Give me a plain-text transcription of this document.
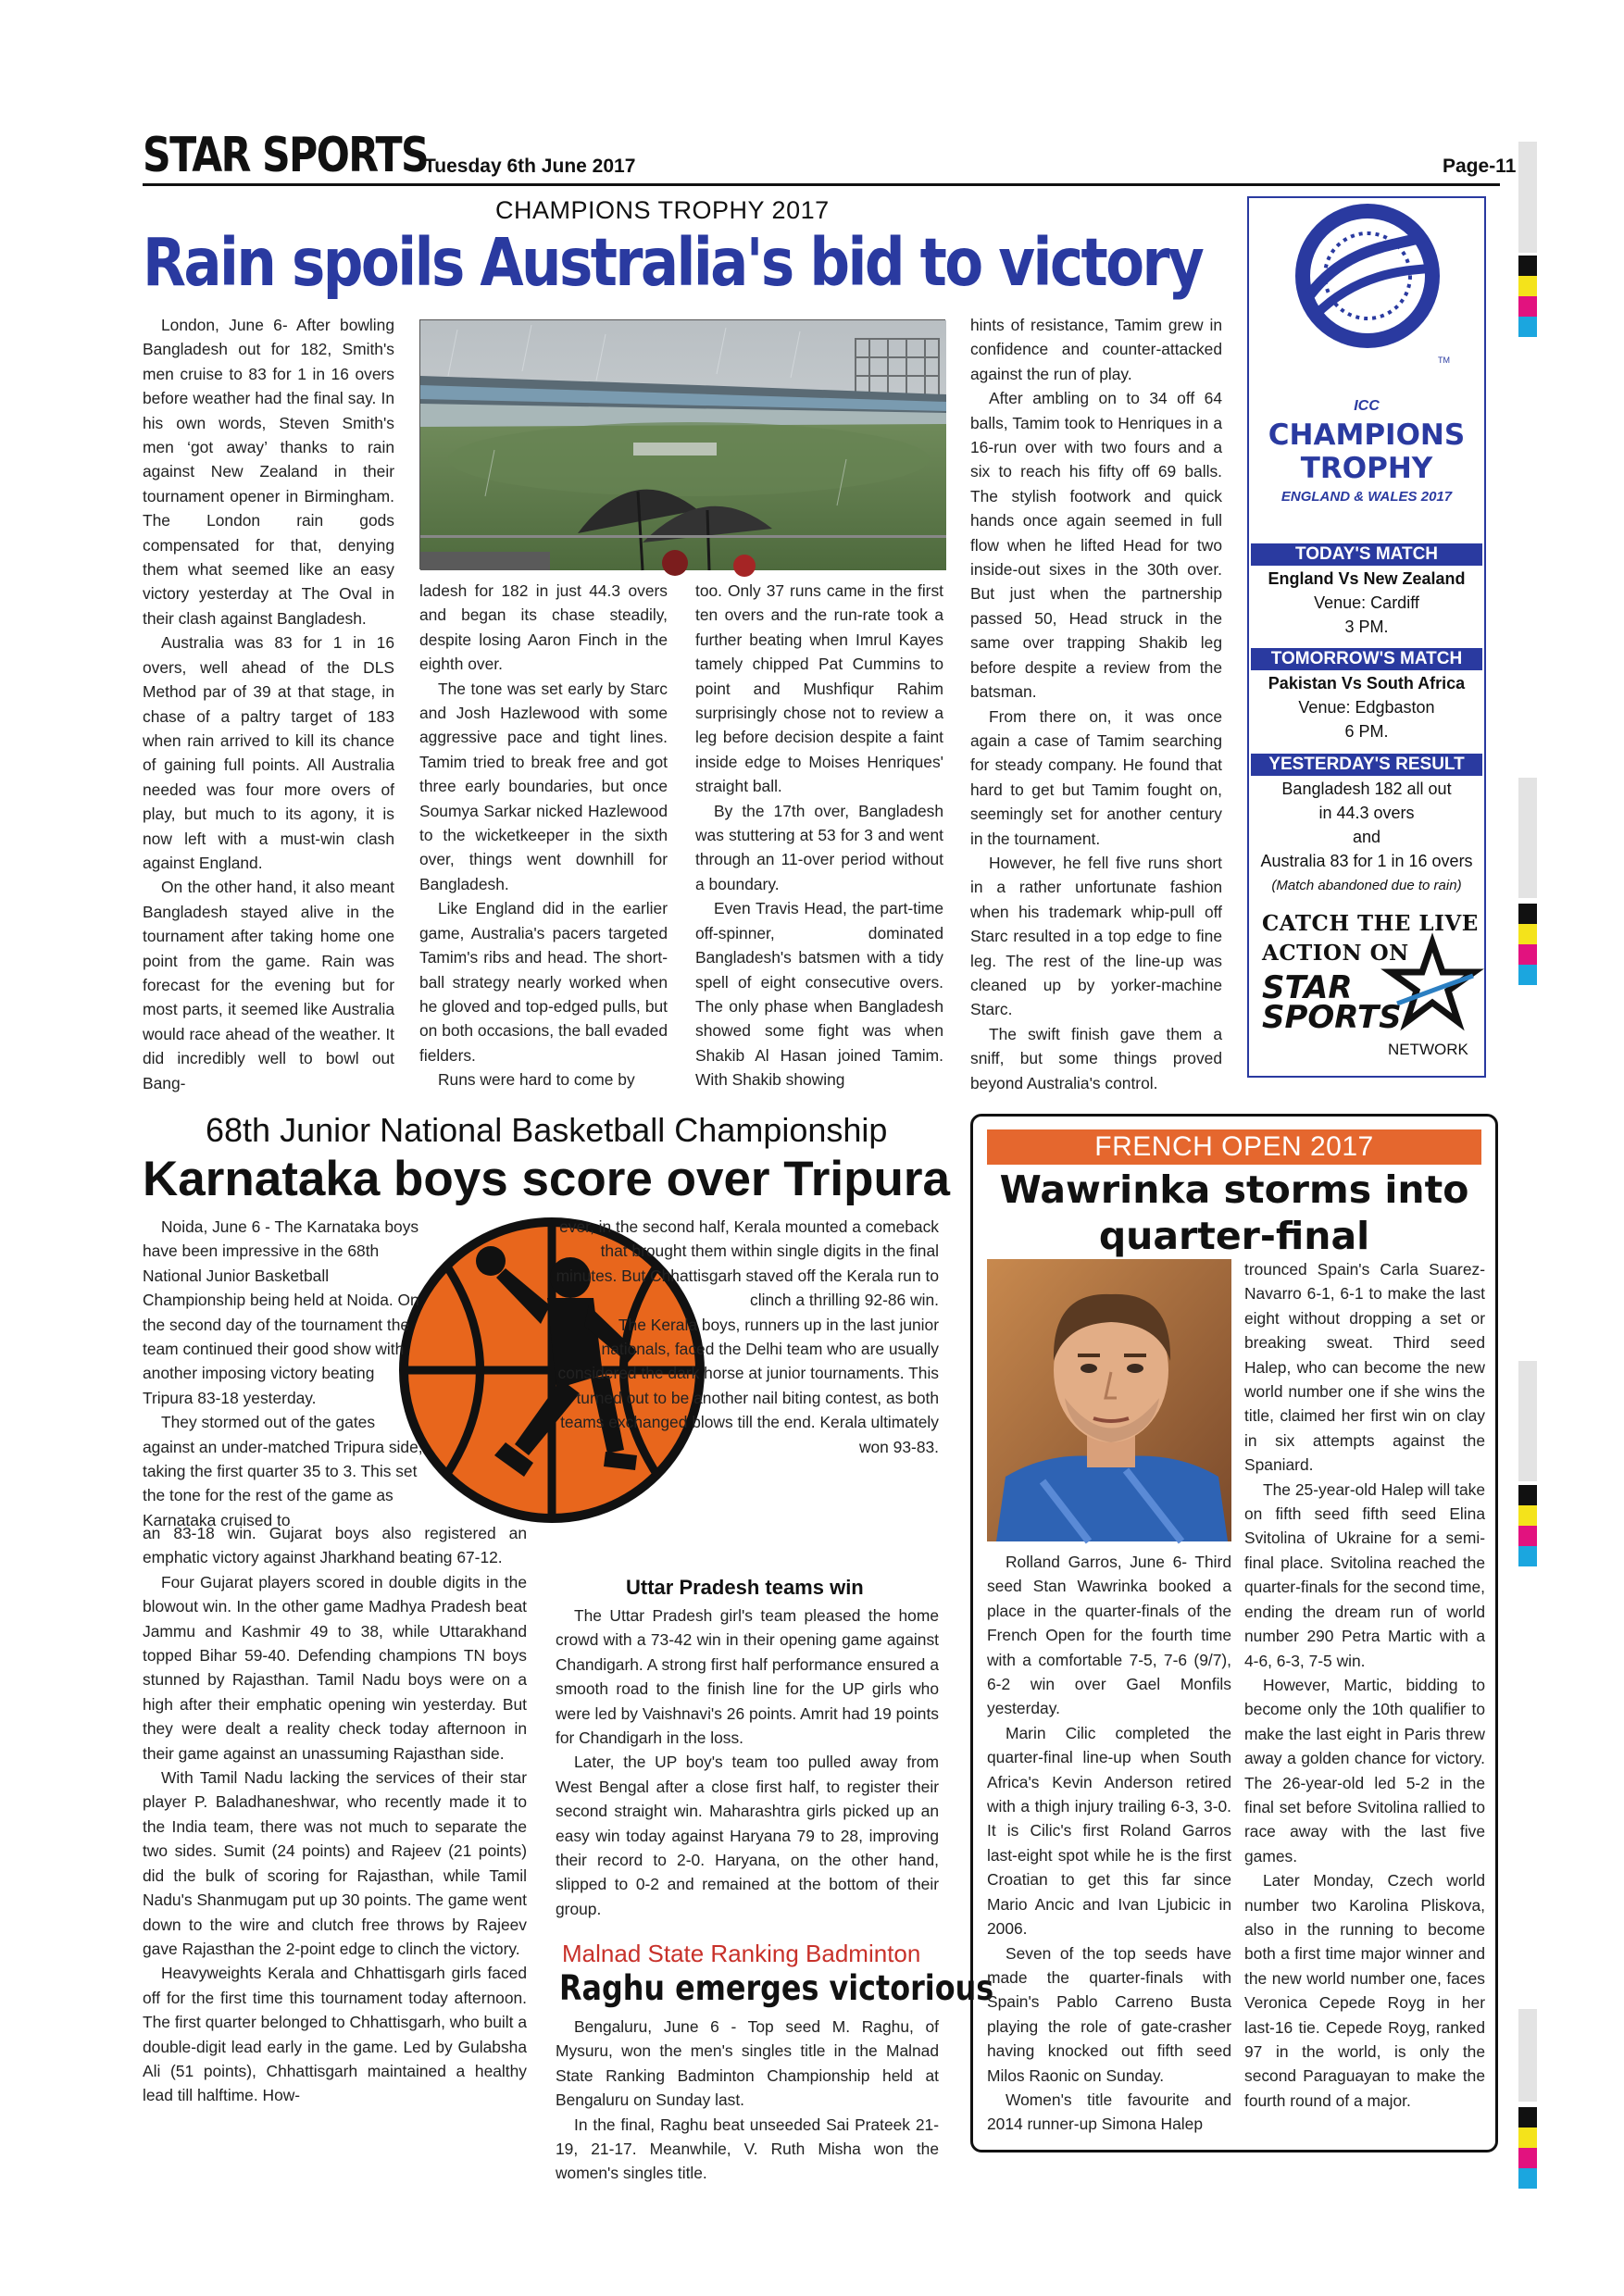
STAR SPORTS
Tuesday 6th June 2017	Page-11
CHAMPIONS TROPHY 2017
Rain spoils Australia's bid to victory

London, June 6- After bowling Bangladesh out for 182, Smith's men cruise to 83 for 1 in 16 overs before weather had the final say. In his own words, Steven Smith's men ‘got away’ thanks to rain against New Zealand in their tournament opener in Birmingham. The London rain gods compensated for that, denying them what seemed like an easy victory yesterday at The Oval in their clash against Bangladesh.

Australia was 83 for 1 in 16 overs, well ahead of the DLS Method par of 39 at that stage, in chase of a paltry target of 183 when rain arrived to kill its chance of gaining full points. All Australia needed was four more overs of play, but much to its agony, it is now left with a must-win clash against England.

On the other hand, it also meant Bangladesh stayed alive in the tournament after taking home one point from the game. Rain was forecast for the evening but for most parts, it seemed like Australia would race ahead of the weather. It did incredibly well to bowl out Bang-

ladesh for 182 in just 44.3 overs and began its chase steadily, despite losing Aaron Finch in the eighth over.

The tone was set early by Starc and Josh Hazlewood with some aggressive pace and tight lines. Tamim tried to break free and got three early boundaries, but once Soumya Sarkar nicked Hazlewood to the wicketkeeper in the sixth over, things went downhill for Bangladesh.

Like England did in the earlier game, Australia's pacers targeted Tamim's ribs and head. The short-ball strategy nearly worked when he gloved and top-edged pulls, but on both occasions, the ball evaded fielders.

Runs were hard to come by

too. Only 37 runs came in the first ten overs and the run-rate took a further beating when Imrul Kayes tamely chipped Pat Cummins to point and Mushfiqur Rahim surprisingly chose not to review a leg before decision despite a faint inside edge to Moises Henriques' straight ball.

By the 17th over, Bangladesh was stuttering at 53 for 3 and went through an 11-over period without a boundary.

Even Travis Head, the part-time off-spinner, dominated Bangladesh's batsmen with a tidy spell of eight consecutive overs. The only phase when Bangladesh showed some fight was when Shakib Al Hasan joined Tamim. With Shakib showing

hints of resistance, Tamim grew in confidence and counter-attacked against the run of play.

After ambling on to 34 off 64 balls, Tamim took to Henriques in a 16-run over with two fours and a six to reach his fifty off 69 balls. The stylish footwork and quick hands once again seemed in full flow when he lifted Head for two inside-out sixes in the 30th over. But just when the partnership passed 50, Head struck in the same over trapping Shakib leg before despite a review from the batsman.

From there on, it was once again a case of Tamim searching for steady company. He found that hard to get but Tamim fought on, seemingly set for another century in the tournament.

However, he fell five runs short in a rather unfortunate fashion when his trademark whip-pull off Starc resulted in a top edge to fine leg. The rest of the line-up was cleaned up by yorker-machine Starc.

The swift finish gave them a sniff, but some things proved beyond Australia's control.

TM
ICC
CHAMPIONS
TROPHY
ENGLAND & WALES 2017
TODAY'S MATCH
England Vs New Zealand
Venue: Cardiff
3 PM.
TOMORROW'S MATCH
Pakistan Vs South Africa
Venue: Edgbaston
6 PM.
YESTERDAY'S RESULT
Bangladesh 182 all out
in 44.3 overs
and
Australia 83 for 1 in 16 overs
(Match abandoned due to rain)
CATCH THE LIVE
ACTION ON
STAR
SPORTS
NETWORK
68th Junior National Basketball Championship
Karnataka boys score over Tripura

Noida, June 6 - The Karnataka boys have been impressive in the 68th National Junior Basketball Championship being held at Noida. On the second day of the tournament the team continued their good show with another imposing victory beating Tripura 83-18 yesterday.

They stormed out of the gates against an under-matched Tripura side, taking the first quarter 35 to 3. This set the tone for the rest of the game as Karnataka cruised to

an 83-18 win. Gujarat boys also registered an emphatic victory against Jharkhand beating 67-12.

Four Gujarat players scored in double digits in the blowout win. In the other game Madhya Pradesh beat Jammu and Kashmir 49 to 38, while Uttarakhand topped Bihar 59-40. Defending champions TN boys stunned by Rajasthan. Tamil Nadu boys were on a high after their emphatic opening win yesterday. But they were dealt a reality check today afternoon in their game against an unassuming Rajasthan side.

With Tamil Nadu lacking the services of their star player P. Baladhaneshwar, who recently made it to the India team, there was not much to separate the two sides. Sumit (24 points) and Rajeev (21 points) did the bulk of scoring for Rajasthan, while Tamil Nadu's Shanmugam put up 30 points. The game went down to the wire and clutch free throws by Rajeev gave Rajasthan the 2-point edge to clinch the victory.

Heavyweights Kerala and Chhattisgarh girls faced off for the first time this tournament today afternoon. The first quarter belonged to Chhattisgarh, who built a double-digit lead early in the game. Led by Gulabsha Ali (51 points), Chhattisgarh maintained a healthy lead till halftime. How-

ever, in the second half, Kerala mounted a comeback that brought them within single digits in the final minutes. But Chhattisgarh staved off the Kerala run to clinch a thrilling 92-86 win.

The Kerala boys, runners up in the last junior nationals, faced the Delhi team who are usually considered the dark horse at junior tournaments. This turned out to be another nail biting contest, as both teams exchanged blows till the end. Kerala ultimately won 93-83.

Uttar Pradesh teams win

The Uttar Pradesh girl's team pleased the home crowd with a 73-42 win in their opening game against Chandigarh. A strong first half performance ensured a smooth road to the finish line for the UP girls who were led by Vaishnavi's 26 points. Amrit had 19 points for Chandigarh in the loss.

Later, the UP boy's team too pulled away from West Bengal after a close first half, to register their second straight win. Maharashtra girls picked up an easy win today against Haryana 79 to 28, improving their record to 2-0. Haryana, on the other hand, slipped to 0-2 and remained at the bottom of their group.

Malnad State Ranking Badminton
Raghu emerges victorious

Bengaluru, June 6 - Top seed M. Raghu, of Mysuru, won the men's singles title in the Malnad State Ranking Badminton Championship held at Bengaluru on Sunday last.

In the final, Raghu beat unseeded Sai Prateek 21-19, 21-17. Meanwhile, V. Ruth Misha won the women's singles title.

FRENCH OPEN 2017
Wawrinka storms into quarter-final

Rolland Garros, June 6- Third seed Stan Wawrinka booked a place in the quarter-finals of the French Open for the fourth time with a comfortable 7-5, 7-6 (9/7), 6-2 win over Gael Monfils yesterday.

Marin Cilic completed the quarter-final line-up when South Africa's Kevin Anderson retired with a thigh injury trailing 6-3, 3-0. It is Cilic's first Roland Garros last-eight spot while he is the first Croatian to get this far since Mario Ancic and Ivan Ljubicic in 2006.

Seven of the top seeds have made the quarter-finals with Spain's Pablo Carreno Busta playing the role of gate-crasher having knocked out fifth seed Milos Raonic on Sunday.

Women's title favourite and 2014 runner-up Simona Halep

trounced Spain's Carla Suarez-Navarro 6-1, 6-1 to make the last eight without dropping a set or breaking sweat. Third seed Halep, who can become the new world number one if she wins the title, claimed her first win on clay in six attempts against the Spaniard.

The 25-year-old Halep will take on fifth seed fifth seed Elina Svitolina of Ukraine for a semi-final place. Svitolina reached the quarter-finals for the second time, ending the dream run of world number 290 Petra Martic with a 4-6, 6-3, 7-5 win.

However, Martic, bidding to become only the 10th qualifier to make the last eight in Paris threw away a golden chance for victory. The 26-year-old led 5-2 in the final set before Svitolina rallied to race away with the last five games.

Later Monday, Czech world number two Karolina Pliskova, also in the running to become both a first time major winner and the new world number one, faces Veronica Cepede Royg in her last-16 tie. Cepede Royg, ranked 97 in the world, is only the second Paraguayan to make the fourth round of a major.
